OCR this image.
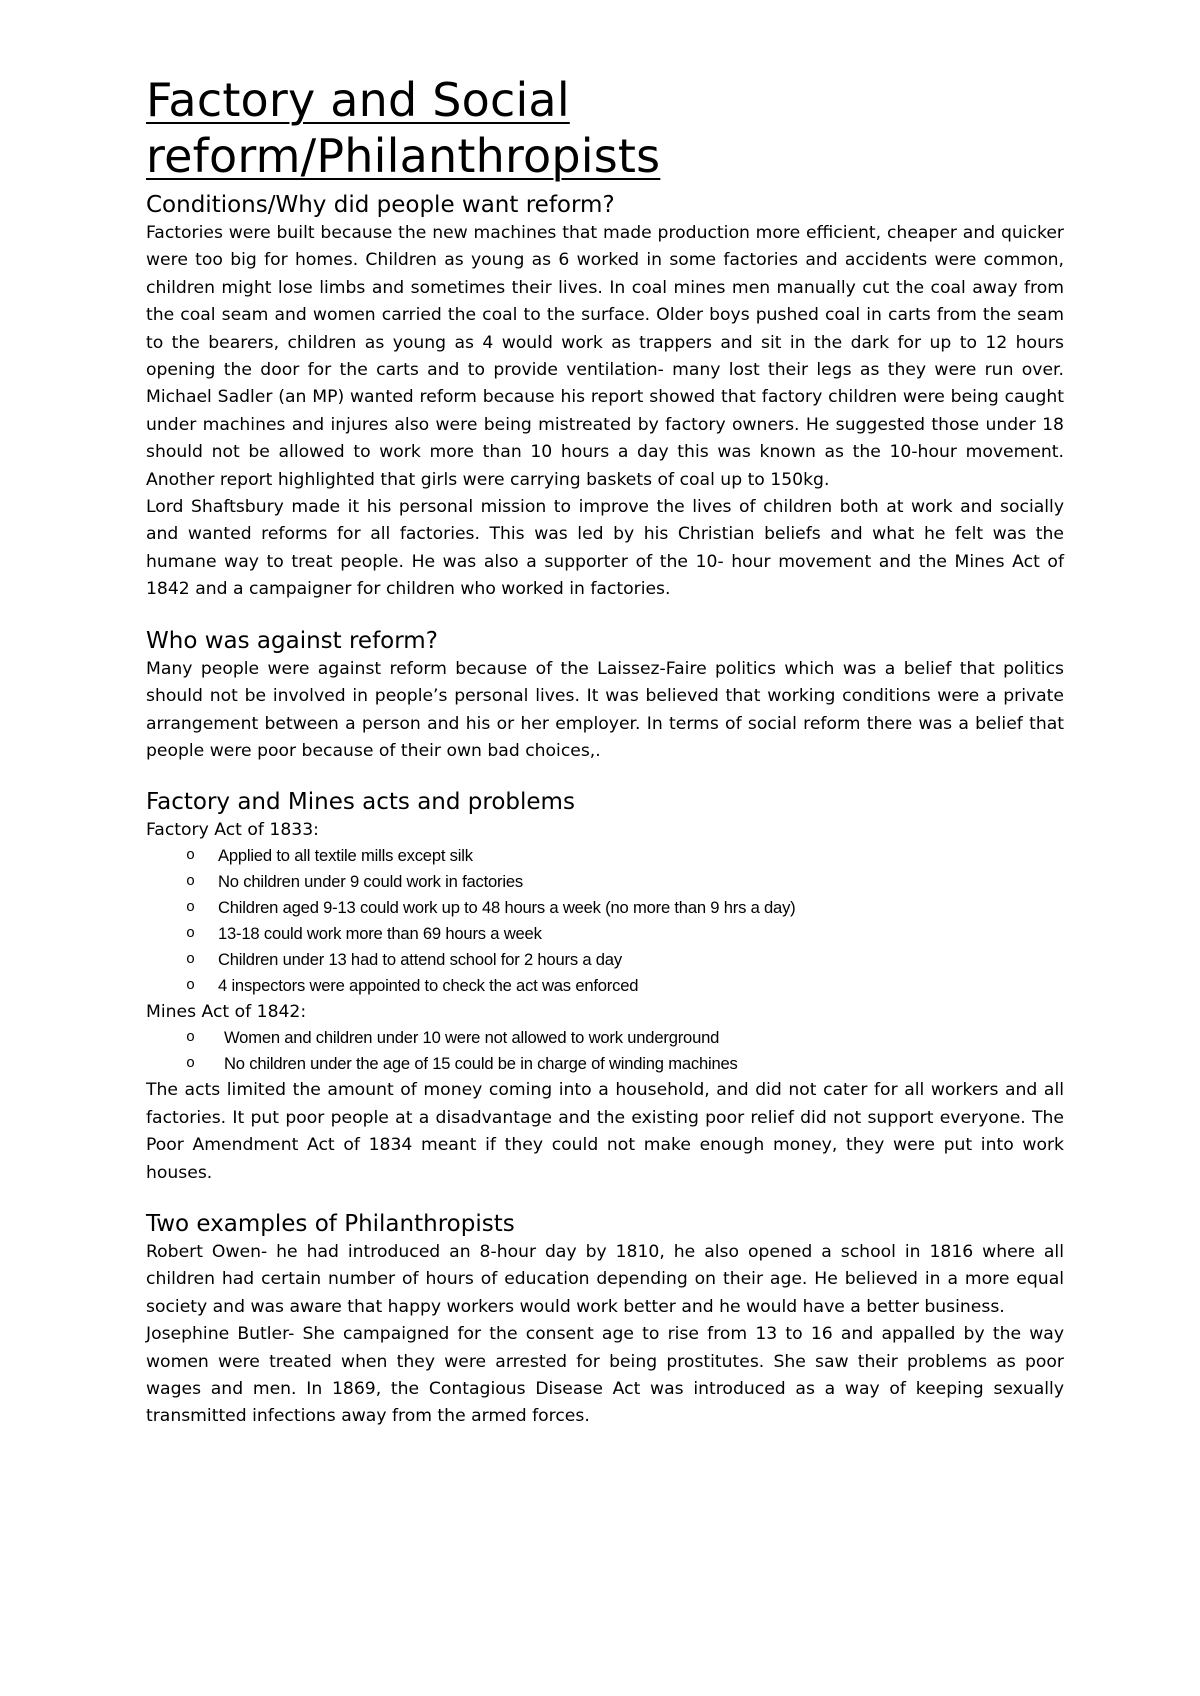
Factory and Social
reform/Philanthropists
Conditions/Why did people want reform?

Factories were built because the new machines that made production more efficient, cheaper and quicker were too big for homes. Children as young as 6 worked in some factories and accidents were common, children might lose limbs and sometimes their lives. In coal mines men manually cut the coal away from the coal seam and women carried the coal to the surface. Older boys pushed coal in carts from the seam to the bearers, children as young as 4 would work as trappers and sit in the dark for up to 12 hours opening the door for the carts and to provide ventilation- many lost their legs as they were run over. Michael Sadler (an MP) wanted reform because his report showed that factory children were being caught under machines and injures also were being mistreated by factory owners. He suggested those under 18 should not be allowed to work more than 10 hours a day this was known as the 10-hour movement. Another report highlighted that girls were carrying baskets of coal up to 150kg.

Lord Shaftsbury made it his personal mission to improve the lives of children both at work and socially and wanted reforms for all factories. This was led by his Christian beliefs and what he felt was the humane way to treat people. He was also a supporter of the 10- hour movement and the Mines Act of 1842 and a campaigner for children who worked in factories.

Who was against reform?

Many people were against reform because of the Laissez-Faire politics which was a belief that politics should not be involved in people’s personal lives. It was believed that working conditions were a private arrangement between a person and his or her employer. In terms of social reform there was a belief that people were poor because of their own bad choices,.

Factory and Mines acts and problems
Factory Act of 1833:
o Applied to all textile mills except silk
o No children under 9 could work in factories
o Children aged 9-13 could work up to 48 hours a week (no more than 9 hrs a day)
o 13-18 could work more than 69 hours a week
o Children under 13 had to attend school for 2 hours a day
o 4 inspectors were appointed to check the act was enforced
Mines Act of 1842:
o Women and children under 10 were not allowed to work underground
o No children under the age of 15 could be in charge of winding machines

The acts limited the amount of money coming into a household, and did not cater for all workers and all factories. It put poor people at a disadvantage and the existing poor relief did not support everyone. The Poor Amendment Act of 1834 meant if they could not make enough money, they were put into work houses.

Two examples of Philanthropists

Robert Owen- he had introduced an 8-hour day by 1810, he also opened a school in 1816 where all children had certain number of hours of education depending on their age. He believed in a more equal society and was aware that happy workers would work better and he would have a better business.

Josephine Butler- She campaigned for the consent age to rise from 13 to 16 and appalled by the way women were treated when they were arrested for being prostitutes. She saw their problems as poor wages and men. In 1869, the Contagious Disease Act was introduced as a way of keeping sexually transmitted infections away from the armed forces.
